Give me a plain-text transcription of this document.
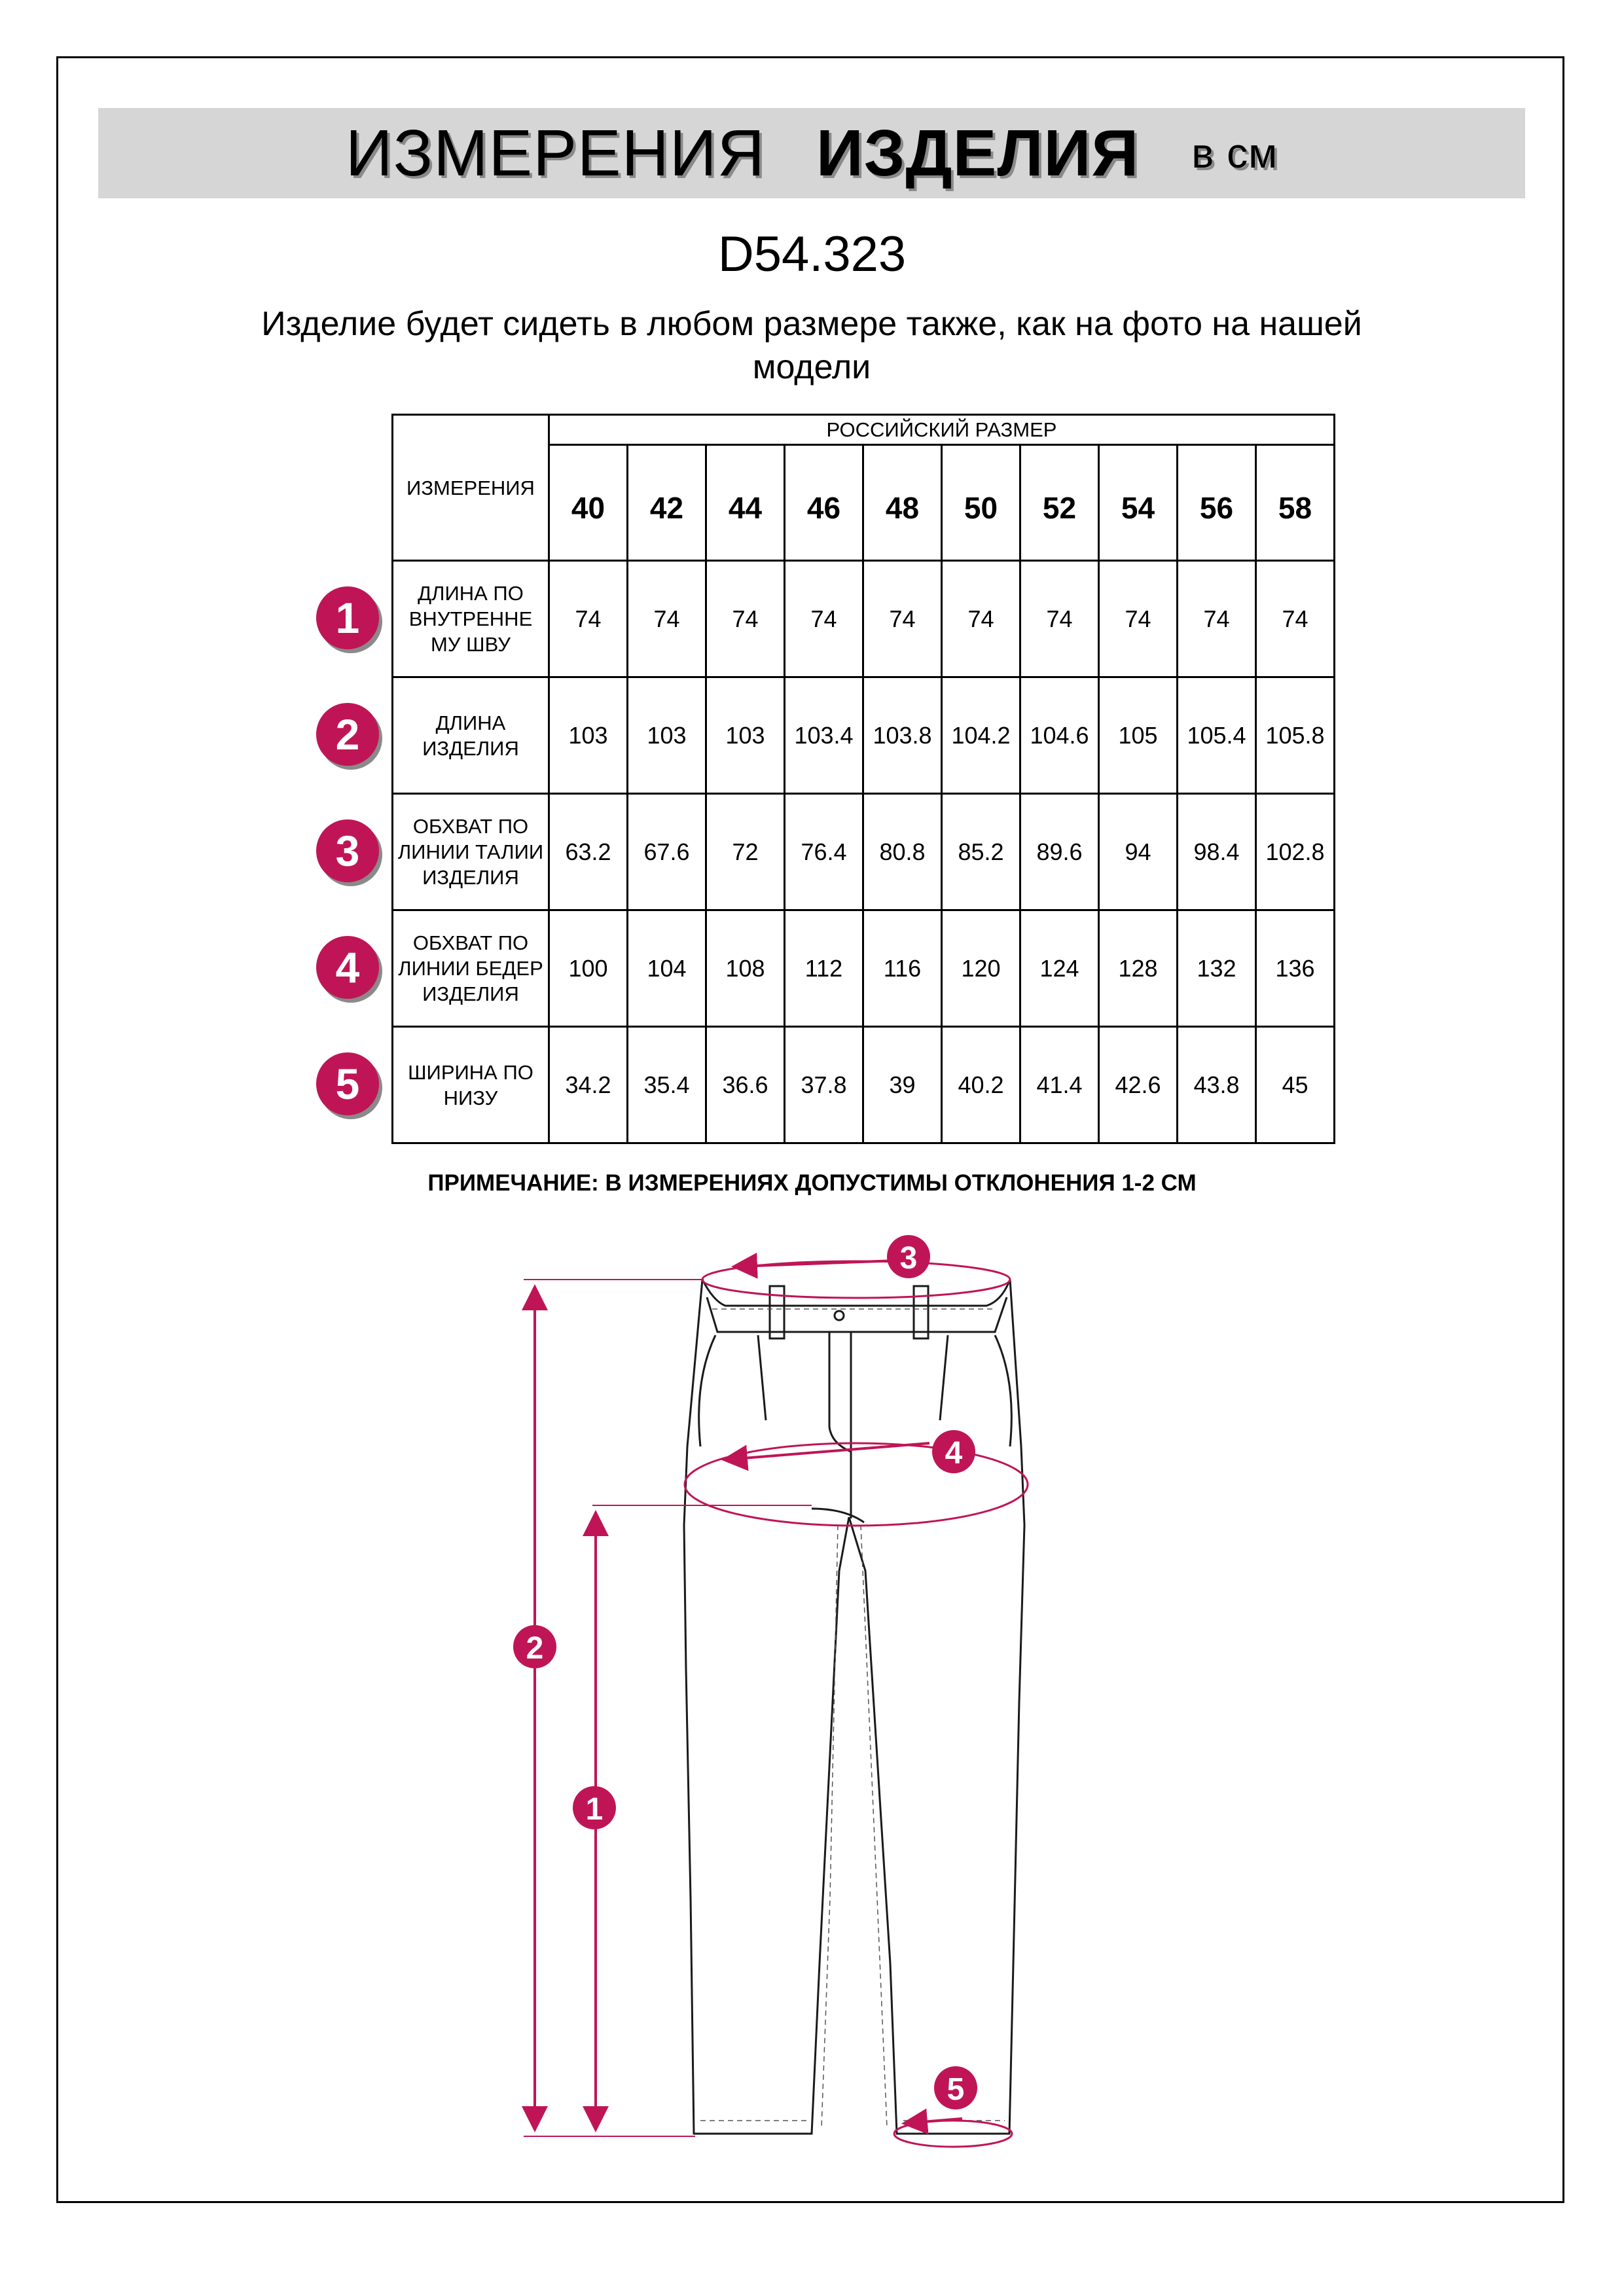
ИЗМЕРЕНИЯ ИЗДЕЛИЯ в см
D54.323
Изделие будет сидеть в любом размере также, как на фото на нашей модели
ИЗМЕРЕНИЯ	РОССИЙСКИЙ РАЗМЕР									
	40	42	44	46	48	50	52	54	56	58
ДЛИНА ПО ВНУТРЕННЕ МУ ШВУ	74	74	74	74	74	74	74	74	74	74
ДЛИНА ИЗДЕЛИЯ	103	103	103	103.4	103.8	104.2	104.6	105	105.4	105.8
ОБХВАТ ПО ЛИНИИ ТАЛИИ ИЗДЕЛИЯ	63.2	67.6	72	76.4	80.8	85.2	89.6	94	98.4	102.8
ОБХВАТ ПО ЛИНИИ БЕДЕР ИЗДЕЛИЯ	100	104	108	112	116	120	124	128	132	136
ШИРИНА ПО НИЗУ	34.2	35.4	36.6	37.8	39	40.2	41.4	42.6	43.8	45
1
2
3
4
5
ПРИМЕЧАНИЕ: В ИЗМЕРЕНИЯХ ДОПУСТИМЫ ОТКЛОНЕНИЯ 1-2 СМ
3
4
2
1
5
